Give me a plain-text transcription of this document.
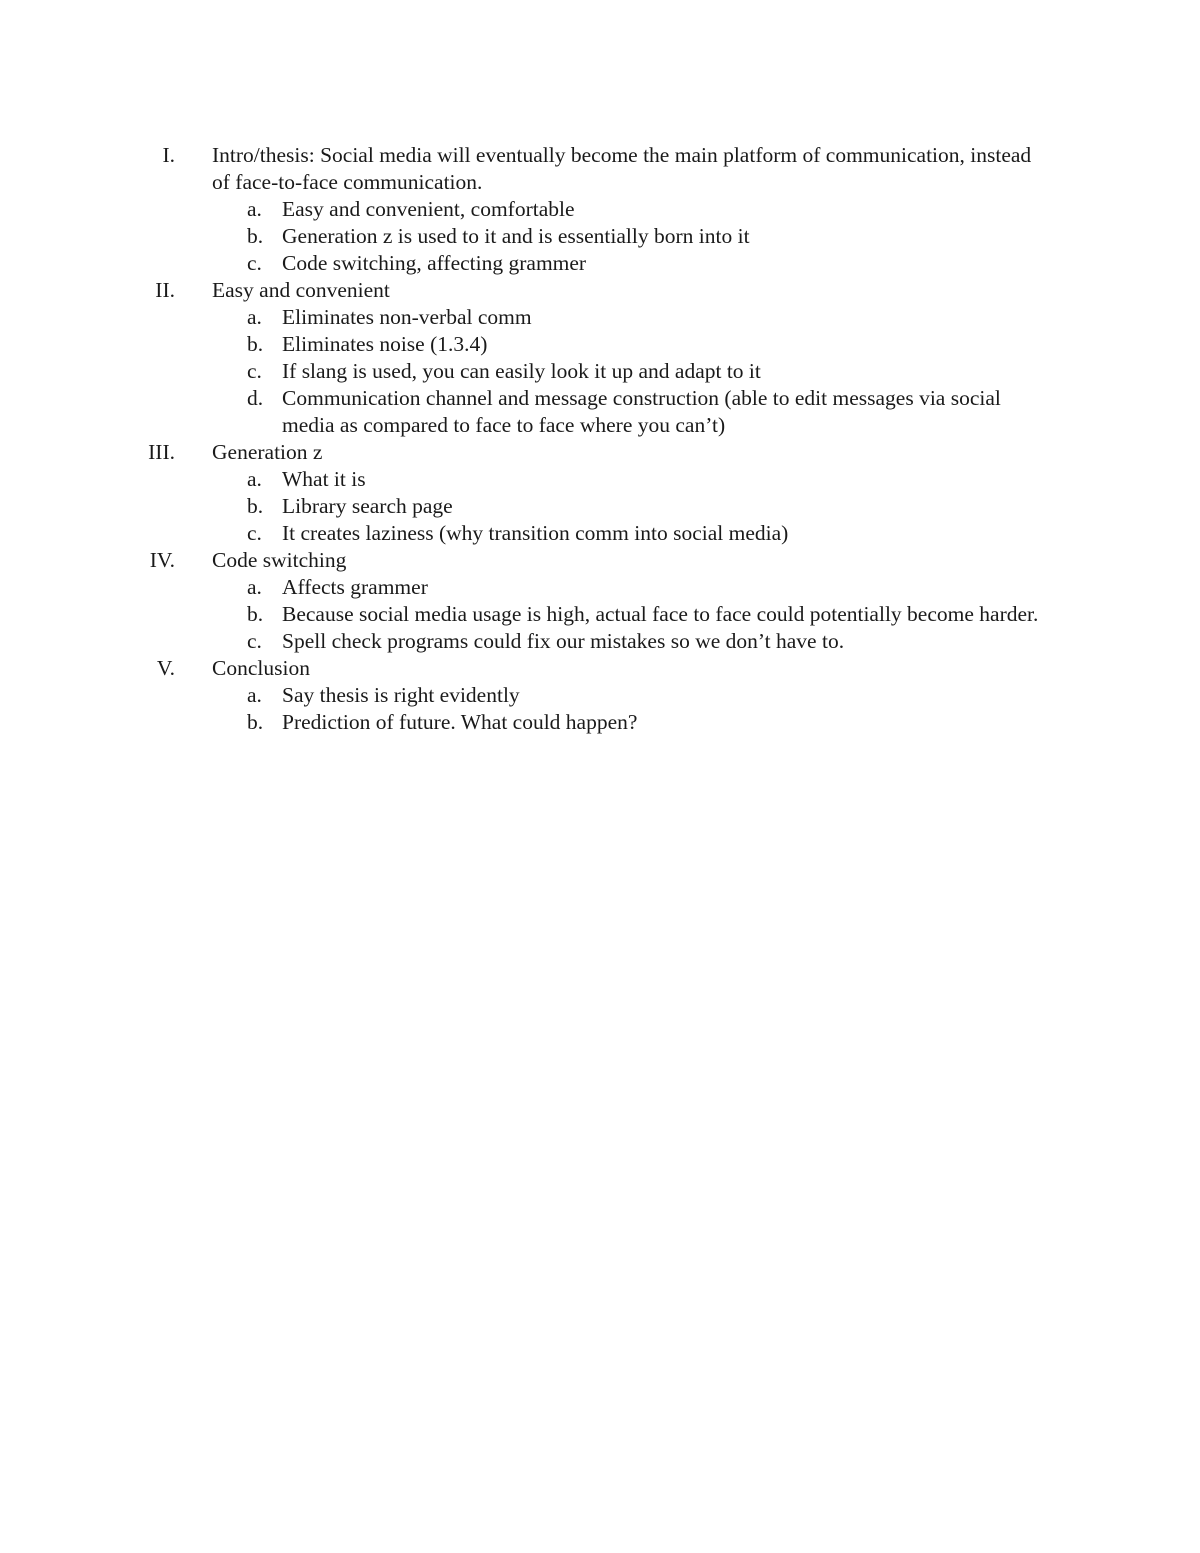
I. Intro/thesis: Social media will eventually become the main platform of communication, instead of face-to-face communication.
a. Easy and convenient, comfortable
b. Generation z is used to it and is essentially born into it
c. Code switching, affecting grammer
II. Easy and convenient
a. Eliminates non-verbal comm
b. Eliminates noise (1.3.4)
c. If slang is used, you can easily look it up and adapt to it
d. Communication channel and message construction (able to edit messages via social media as compared to face to face where you can’t)
III. Generation z
a. What it is
b. Library search page
c. It creates laziness (why transition comm into social media)
IV. Code switching
a. Affects grammer
b. Because social media usage is high, actual face to face could potentially become harder.
c. Spell check programs could fix our mistakes so we don’t have to.
V. Conclusion
a. Say thesis is right evidently
b. Prediction of future. What could happen?
